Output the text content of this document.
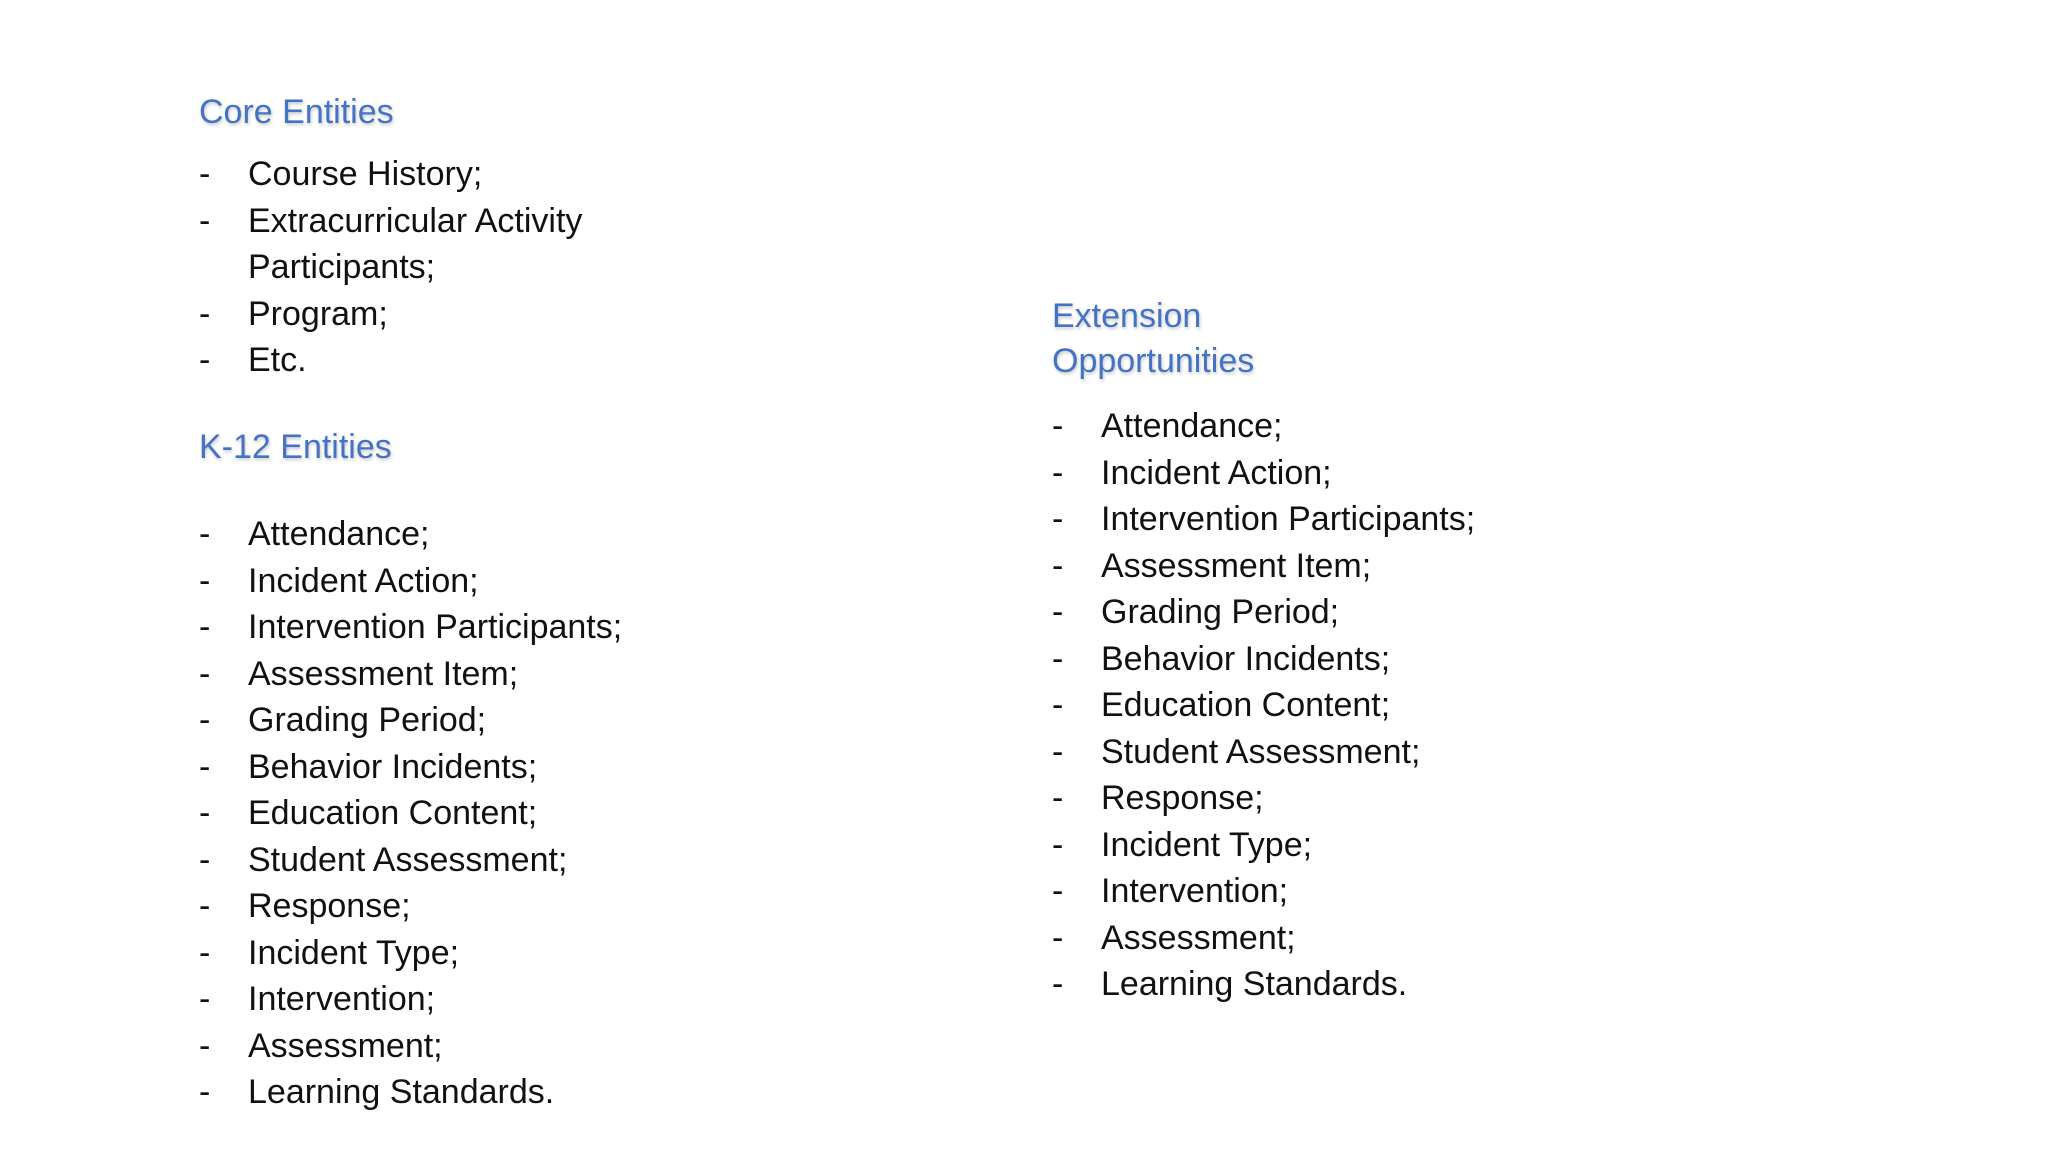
Core Entities
- Course History;
- Extracurricular Activity Participants;
- Program;
- Etc.
K-12 Entities
- Attendance;
- Incident Action;
- Intervention Participants;
- Assessment Item;
- Grading Period;
- Behavior Incidents;
- Education Content;
- Student Assessment;
- Response;
- Incident Type;
- Intervention;
- Assessment;
- Learning Standards.
Extension Opportunities
- Attendance;
- Incident Action;
- Intervention Participants;
- Assessment Item;
- Grading Period;
- Behavior Incidents;
- Education Content;
- Student Assessment;
- Response;
- Incident Type;
- Intervention;
- Assessment;
- Learning Standards.
